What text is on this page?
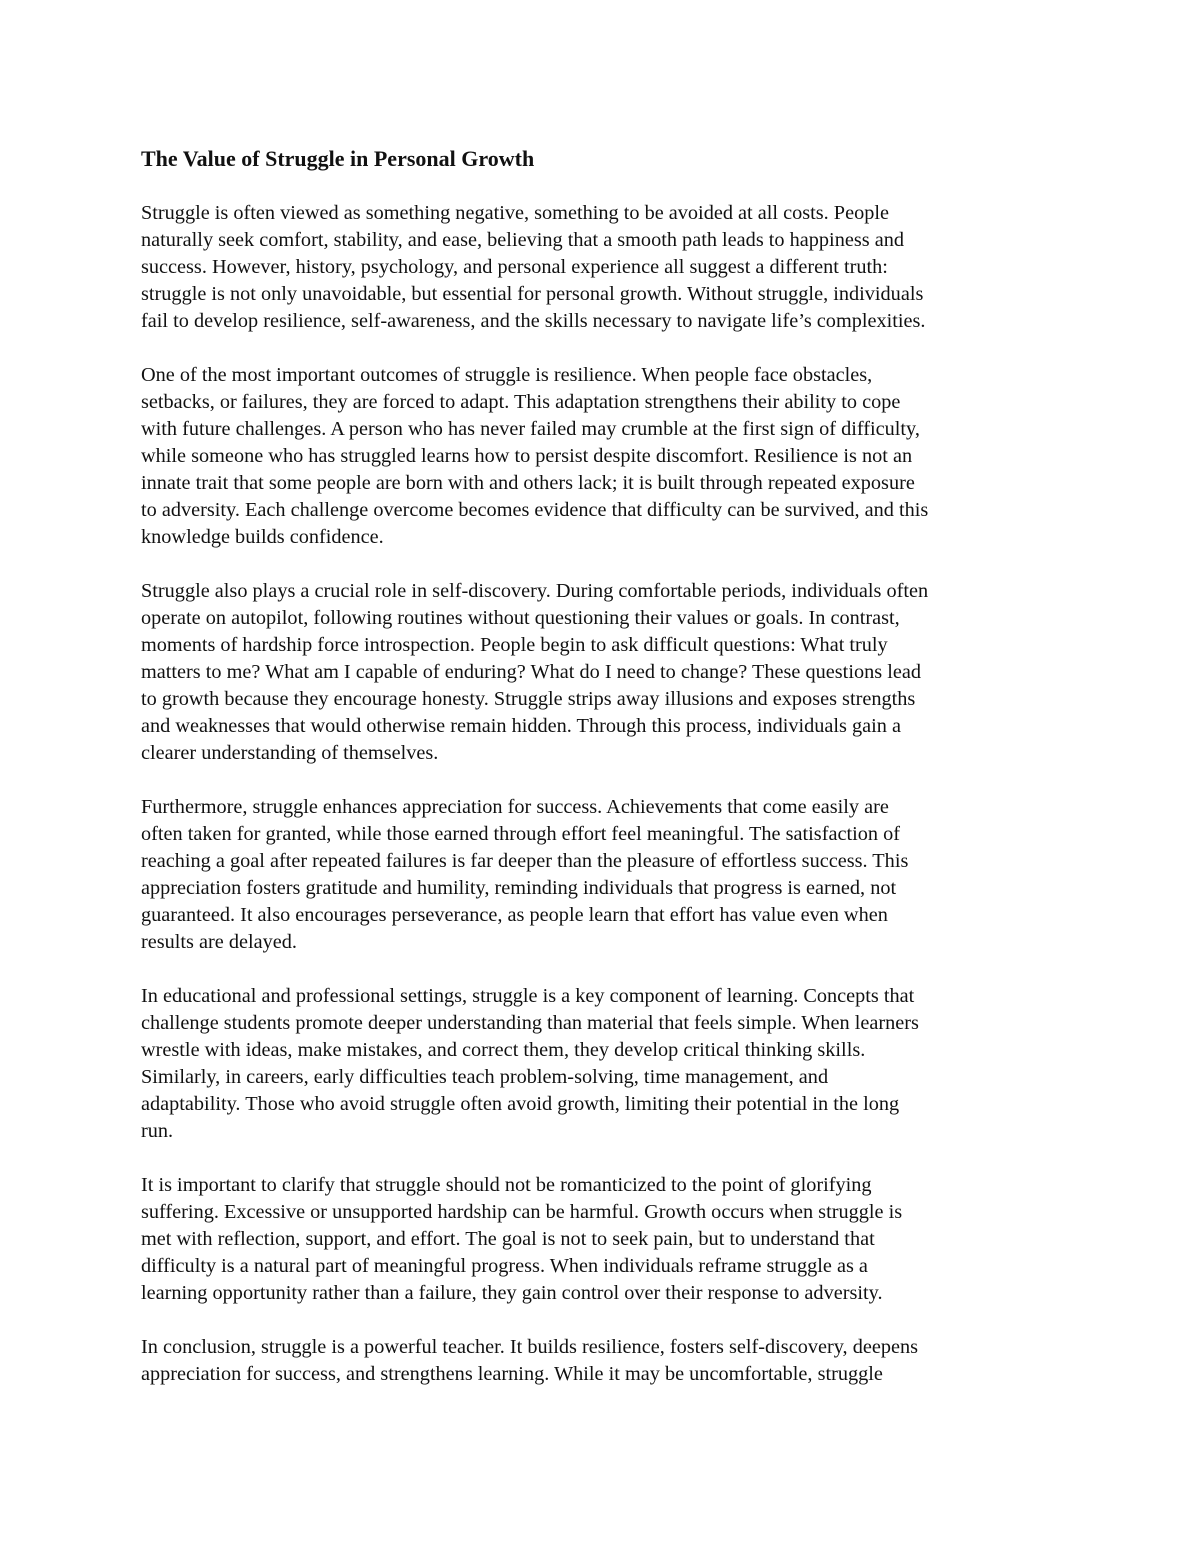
The Value of Struggle in Personal Growth
Struggle is often viewed as something negative, something to be avoided at all costs. People
naturally seek comfort, stability, and ease, believing that a smooth path leads to happiness and
success. However, history, psychology, and personal experience all suggest a different truth:
struggle is not only unavoidable, but essential for personal growth. Without struggle, individuals
fail to develop resilience, self-awareness, and the skills necessary to navigate life’s complexities.
One of the most important outcomes of struggle is resilience. When people face obstacles,
setbacks, or failures, they are forced to adapt. This adaptation strengthens their ability to cope
with future challenges. A person who has never failed may crumble at the first sign of difficulty,
while someone who has struggled learns how to persist despite discomfort. Resilience is not an
innate trait that some people are born with and others lack; it is built through repeated exposure
to adversity. Each challenge overcome becomes evidence that difficulty can be survived, and this
knowledge builds confidence.
Struggle also plays a crucial role in self-discovery. During comfortable periods, individuals often
operate on autopilot, following routines without questioning their values or goals. In contrast,
moments of hardship force introspection. People begin to ask difficult questions: What truly
matters to me? What am I capable of enduring? What do I need to change? These questions lead
to growth because they encourage honesty. Struggle strips away illusions and exposes strengths
and weaknesses that would otherwise remain hidden. Through this process, individuals gain a
clearer understanding of themselves.
Furthermore, struggle enhances appreciation for success. Achievements that come easily are
often taken for granted, while those earned through effort feel meaningful. The satisfaction of
reaching a goal after repeated failures is far deeper than the pleasure of effortless success. This
appreciation fosters gratitude and humility, reminding individuals that progress is earned, not
guaranteed. It also encourages perseverance, as people learn that effort has value even when
results are delayed.
In educational and professional settings, struggle is a key component of learning. Concepts that
challenge students promote deeper understanding than material that feels simple. When learners
wrestle with ideas, make mistakes, and correct them, they develop critical thinking skills.
Similarly, in careers, early difficulties teach problem-solving, time management, and
adaptability. Those who avoid struggle often avoid growth, limiting their potential in the long
run.
It is important to clarify that struggle should not be romanticized to the point of glorifying
suffering. Excessive or unsupported hardship can be harmful. Growth occurs when struggle is
met with reflection, support, and effort. The goal is not to seek pain, but to understand that
difficulty is a natural part of meaningful progress. When individuals reframe struggle as a
learning opportunity rather than a failure, they gain control over their response to adversity.
In conclusion, struggle is a powerful teacher. It builds resilience, fosters self-discovery, deepens
appreciation for success, and strengthens learning. While it may be uncomfortable, struggle
